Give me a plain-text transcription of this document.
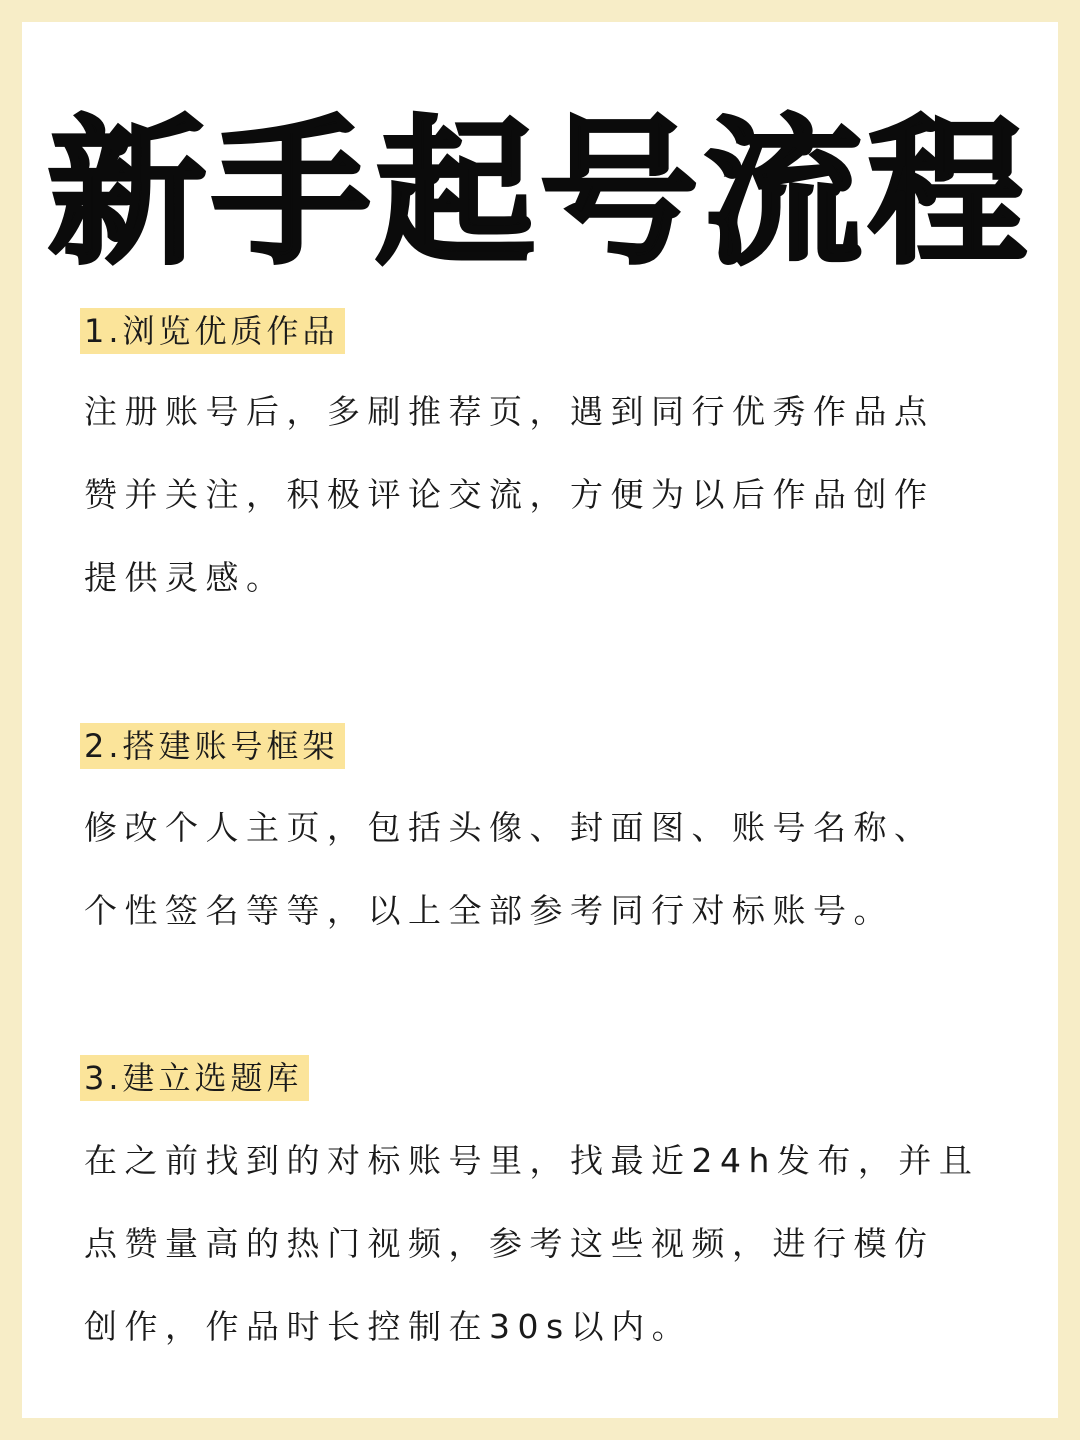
新手起号流程
1.浏览优质作品
注册账号后，多刷推荐页，遇到同行优秀作品点
赞并关注，积极评论交流，方便为以后作品创作
提供灵感。
2.搭建账号框架
修改个人主页，包括头像、封面图、账号名称、
个性签名等等，以上全部参考同行对标账号。
3.建立选题库
在之前找到的对标账号里，找最近24h发布，并且
点赞量高的热门视频，参考这些视频，进行模仿
创作，作品时长控制在30s以内。
